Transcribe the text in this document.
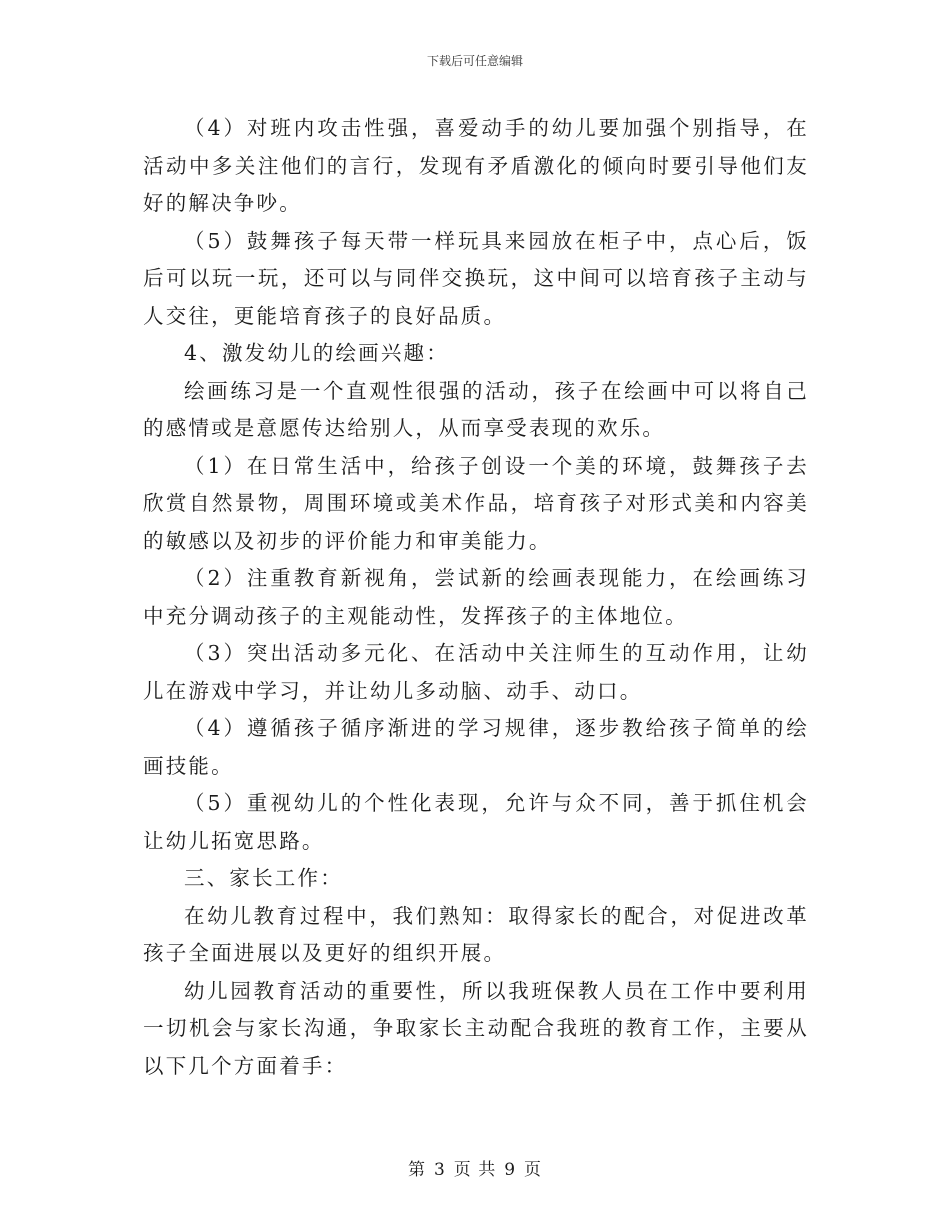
下载后可任意编辑

（4）对班内攻击性强，喜爱动手的幼儿要加强个别指导，在活动中多关注他们的言行，发现有矛盾激化的倾向时要引导他们友好的解决争吵。

（5）鼓舞孩子每天带一样玩具来园放在柜子中，点心后，饭后可以玩一玩，还可以与同伴交换玩，这中间可以培育孩子主动与人交往，更能培育孩子的良好品质。

4、激发幼儿的绘画兴趣：

绘画练习是一个直观性很强的活动，孩子在绘画中可以将自己的感情或是意愿传达给别人，从而享受表现的欢乐。

（1）在日常生活中，给孩子创设一个美的环境，鼓舞孩子去欣赏自然景物，周围环境或美术作品，培育孩子对形式美和内容美的敏感以及初步的评价能力和审美能力。

（2）注重教育新视角，尝试新的绘画表现能力，在绘画练习中充分调动孩子的主观能动性，发挥孩子的主体地位。

（3）突出活动多元化、在活动中关注师生的互动作用，让幼儿在游戏中学习，并让幼儿多动脑、动手、动口。

（4）遵循孩子循序渐进的学习规律，逐步教给孩子简单的绘画技能。

（5）重视幼儿的个性化表现，允许与众不同，善于抓住机会让幼儿拓宽思路。

三、家长工作：

在幼儿教育过程中，我们熟知：取得家长的配合，对促进改革孩子全面进展以及更好的组织开展。

幼儿园教育活动的重要性，所以我班保教人员在工作中要利用一切机会与家长沟通，争取家长主动配合我班的教育工作，主要从以下几个方面着手：

第 3 页 共 9 页
